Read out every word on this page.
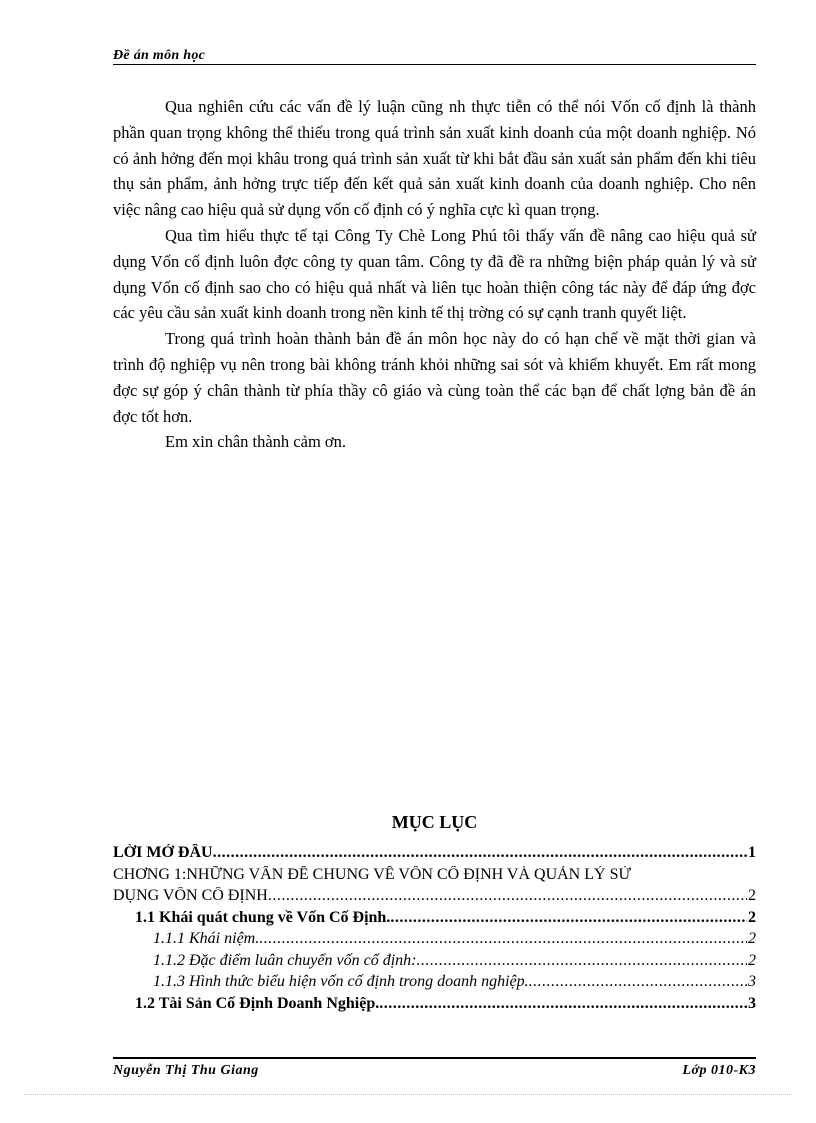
Đề án môn học

Qua nghiên cứu các vấn đề lý luận cũng nh thực tiễn có thể nói Vốn cố định là thành phần quan trọng không thể thiếu trong quá trình sản xuất kinh doanh của một doanh nghiệp. Nó có ảnh hởng đến mọi khâu trong quá trình sản xuất từ khi bắt đầu sản xuất sản phẩm đến khi tiêu thụ sản phẩm, ảnh hởng trực tiếp đến kết quả sản xuất kinh doanh của doanh nghiệp. Cho nên việc nâng cao hiệu quả sử dụng vốn cố định có ý nghĩa cực kì quan trọng.

Qua tìm hiểu thực tế tại Công Ty Chè Long Phú tôi thấy vấn đề nâng cao hiệu quả sử dụng Vốn cố định luôn đợc công ty quan tâm. Công ty đã đề ra những biện pháp quản lý và sử dụng Vốn cố định sao cho có hiệu quả nhất và liên tục hoàn thiện công tác này để đáp ứng đợc các yêu cầu sản xuất kinh doanh trong nền kinh tế thị trờng có sự cạnh tranh quyết liệt.

Trong quá trình hoàn thành bản đề án môn học này do có hạn chế về mặt thời gian và trình độ nghiệp vụ nên trong bài không tránh khỏi những sai sót và khiếm khuyết. Em rất mong đợc sự góp ý chân thành từ phía thầy cô giáo và cùng toàn thể các bạn để chất lợng bản đề án đợc tốt hơn.

Em xin chân thành cảm ơn.

MỤC LỤC
LỜI MỞ ĐẦU .....	1
CHƠNG 1:NHỮNG VẤN ĐỀ CHUNG VỀ VỐN CỐ ĐỊNH VÀ QUẢN LÝ SỬ
DỤNG VỐN CỐ ĐỊNH .....	2
1.1 Khái quát chung về Vốn Cố Định. .....	2
1.1.1 Khái niệm. .....	2
1.1.2 Đặc điểm luân chuyển vốn cố định: .....	2
1.1.3 Hình thức biểu hiện vốn cố định trong doanh nghiệp. .....	3
1.2 Tài Sản Cố Định Doanh Nghiệp. .....	3
Nguyễn Thị Thu Giang	Lớp 010-K3
